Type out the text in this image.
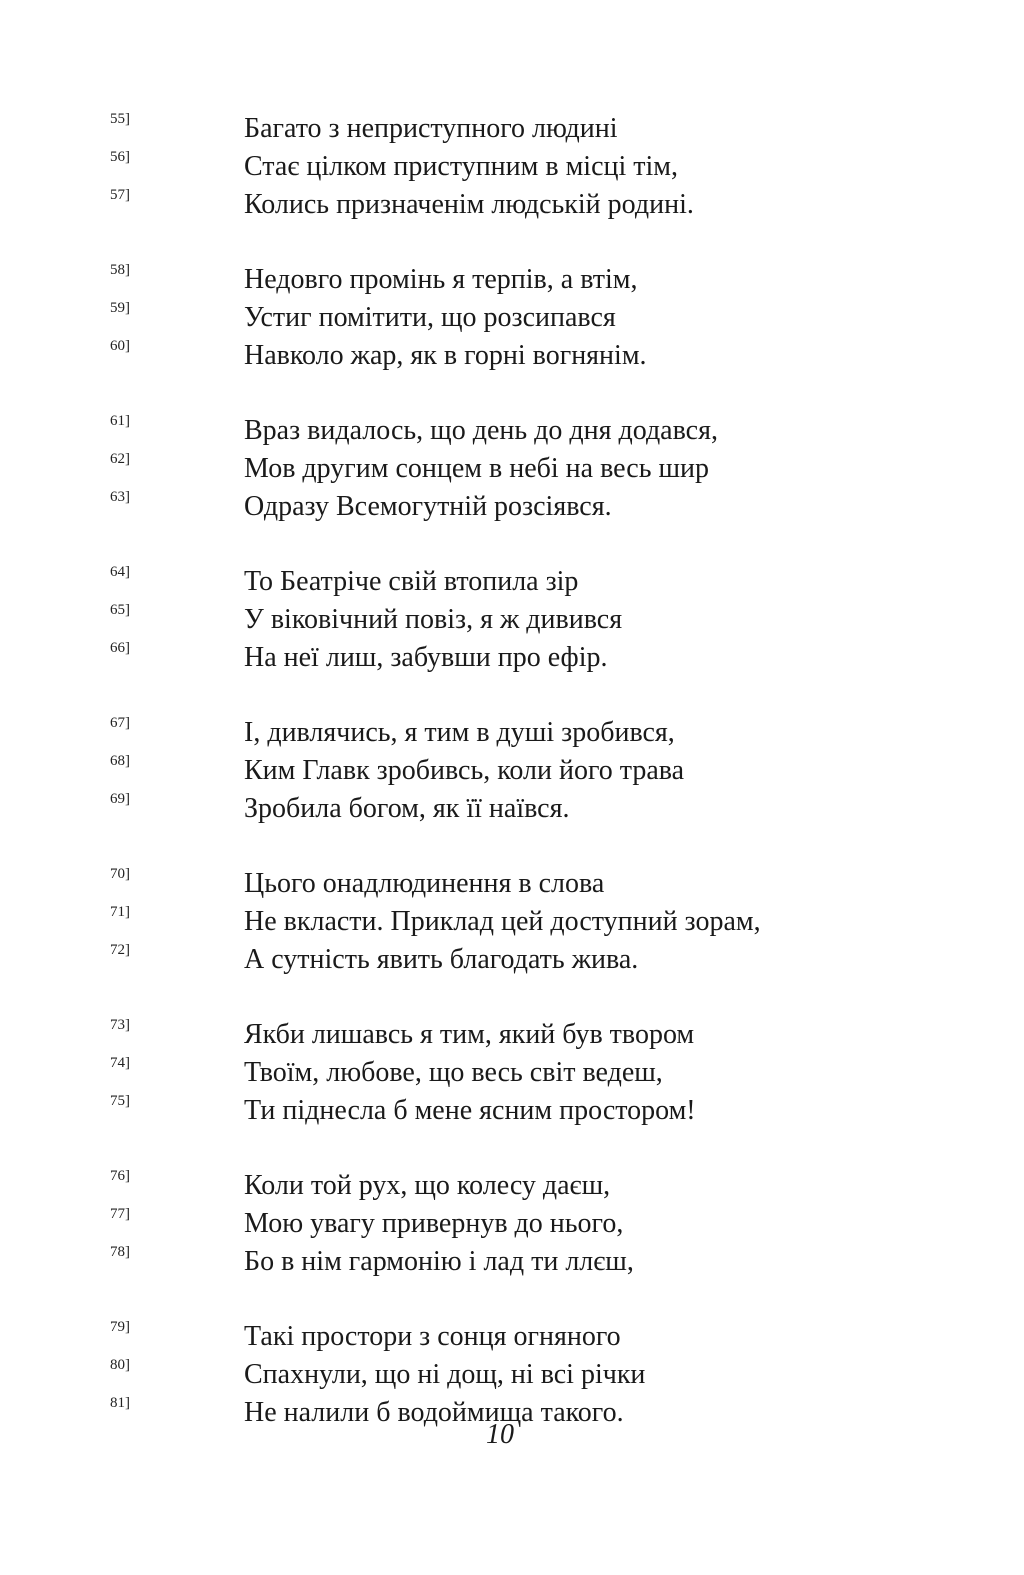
55]	Багато з неприступного людині
56]	Стає цілком приступним в місці тім,
57]	Колись призначенім людській родині.
58]	Недовго промінь я терпів, а втім,
59]	Устиг помітити, що розсипався
60]	Навколо жар, як в горні вогнянім.
61]	Враз видалось, що день до дня додався,
62]	Мов другим сонцем в небі на весь шир
63]	Одразу Всемогутній розсіявся.
64]	То Беатріче свій втопила зір
65]	У віковічний повіз, я ж дивився
66]	На неї лиш, забувши про ефір.
67]	І, дивлячись, я тим в душі зробився,
68]	Ким Главк зробивсь, коли його трава
69]	Зробила богом, як її наївся.
70]	Цього онадлюдинення в слова
71]	Не вкласти. Приклад цей доступний зорам,
72]	А сутність явить благодать жива.
73]	Якби лишавсь я тим, який був твором
74]	Твоїм, любове, що весь світ ведеш,
75]	Ти піднесла б мене ясним простором!
76]	Коли той рух, що колесу даєш,
77]	Мою увагу привернув до нього,
78]	Бо в нім гармонію і лад ти ллєш,
79]	Такі простори з сонця огняного
80]	Спахнули, що ні дощ, ні всі річки
81]	Не налили б водоймища такого.
10
